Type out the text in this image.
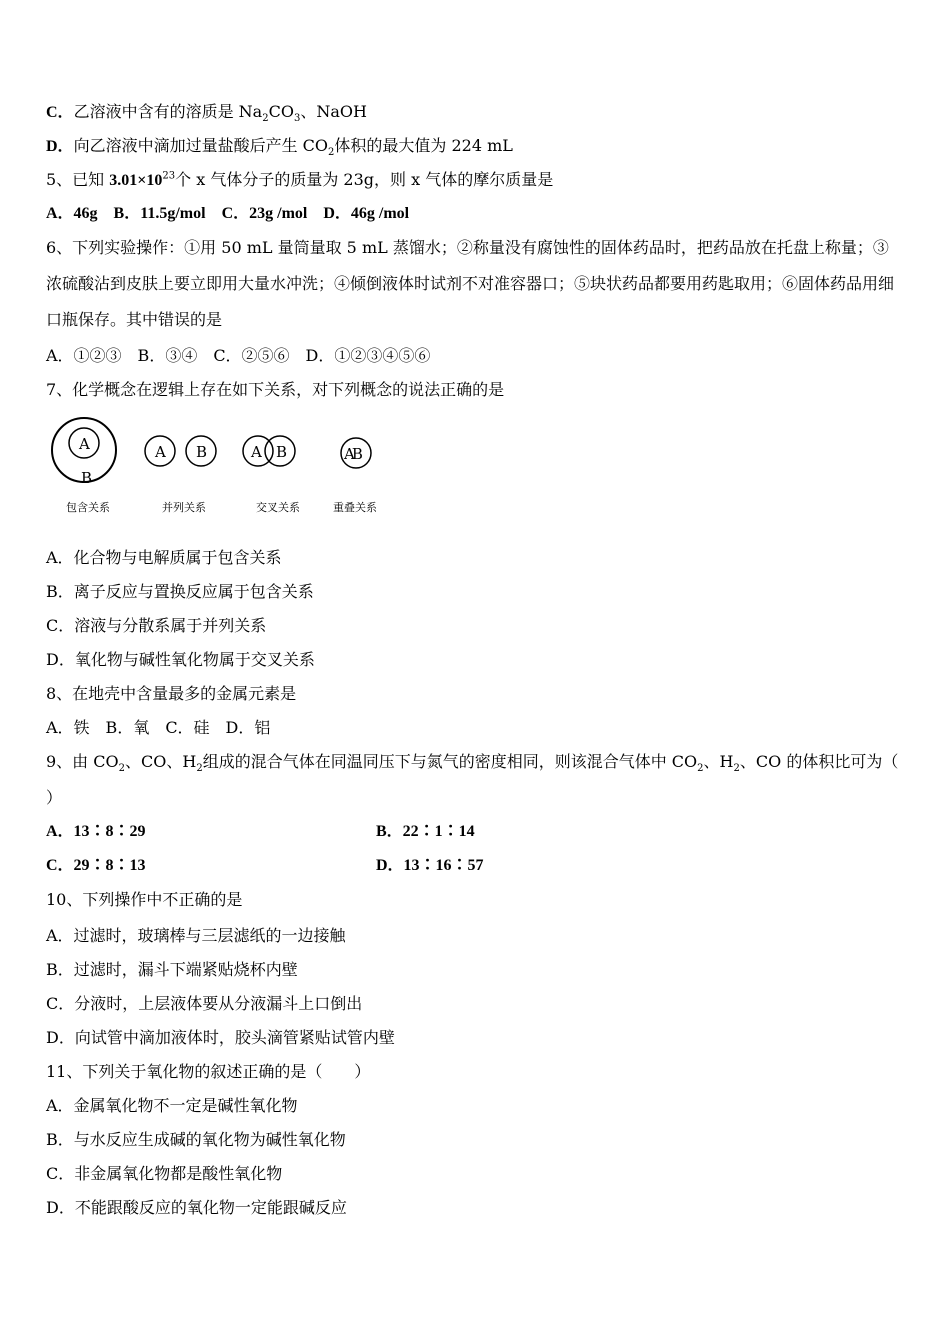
C．乙溶液中含有的溶质是 $Na_2CO_3$、NaOH
D．向乙溶液中滴加过量盐酸后产生 $CO_2$体积的最大值为 224 mL
5、已知 $3.01\times 10^{23}$个 x 气体分子的质量为 23g，则 x 气体的摩尔质量是
A．46g　B．11.5g/mol　C．23g /mol　D．46g /mol
6、下列实验操作：①用 50 mL 量筒量取 5 mL 蒸馏水；②称量没有腐蚀性的固体药品时，把药品放在托盘上称量；③浓硫酸沾到皮肤上要立即用大量水冲洗；④倾倒液体时试剂不对准容器口；⑤块状药品都要用药匙取用；⑥固体药品用细口瓶保存。其中错误的是
A．①②③　B．③④　C．②⑤⑥　D．①②③④⑤⑥
7、化学概念在逻辑上存在如下关系，对下列概念的说法正确的是
A
B
A B	A B	AB
包含关系	并列关系	交叉关系	重叠关系
A．化合物与电解质属于包含关系
B．离子反应与置换反应属于包含关系
C．溶液与分散系属于并列关系
D．氧化物与碱性氧化物属于交叉关系
8、在地壳中含量最多的金属元素是
A．铁　B．氧　C．硅　D．铝
9、由 $CO_2$、CO、$H_2$组成的混合气体在同温同压下与氮气的密度相同，则该混合气体中 $CO_2$、$H_2$、CO 的体积比可为（
）
A．13∶8∶29	B．22∶1∶14
C．29∶8∶13	D．13∶16∶57
10、下列操作中不正确的是
A．过滤时，玻璃棒与三层滤纸的一边接触
B．过滤时，漏斗下端紧贴烧杯内壁
C．分液时，上层液体要从分液漏斗上口倒出
D．向试管中滴加液体时，胶头滴管紧贴试管内壁
11、下列关于氧化物的叙述正确的是（　　）
A．金属氧化物不一定是碱性氧化物
B．与水反应生成碱的氧化物为碱性氧化物
C．非金属氧化物都是酸性氧化物
D．不能跟酸反应的氧化物一定能跟碱反应
